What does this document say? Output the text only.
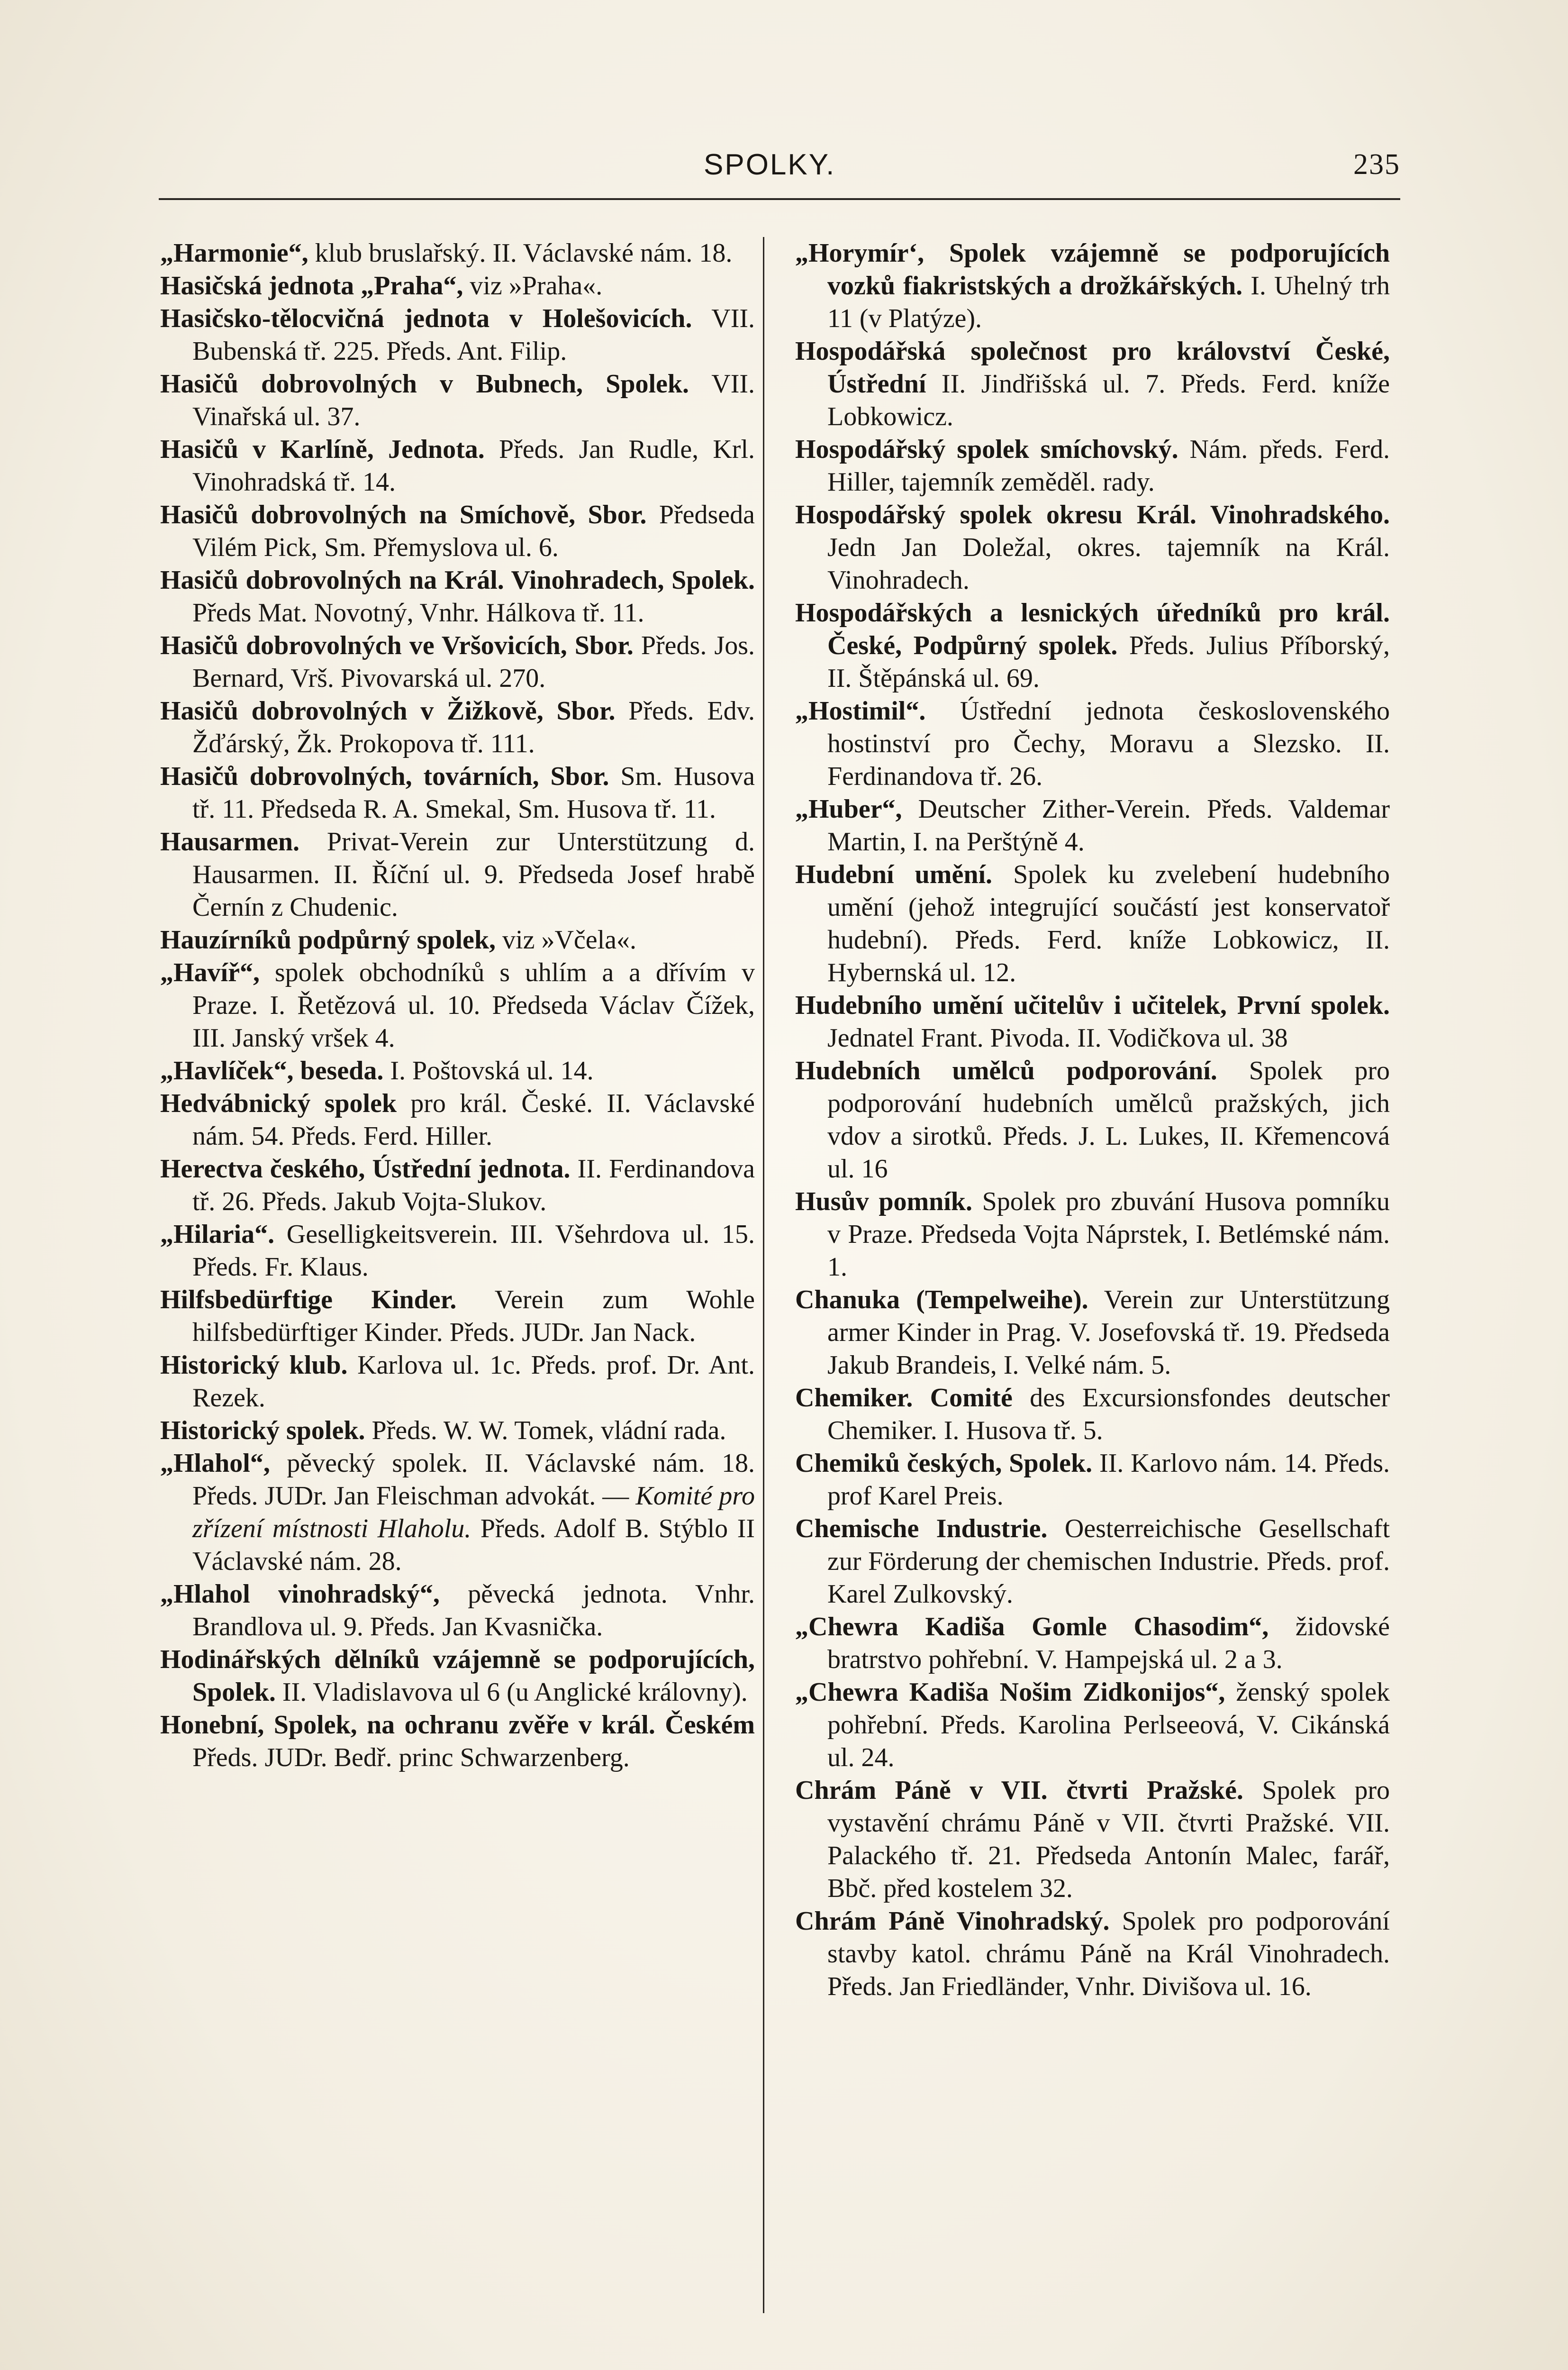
SPOLKY.	235

„Harmonie“, klub bruslařský. II. Václavské nám. 18.

Hasičská jednota „Praha“, viz »Praha«.

Hasičsko-tělocvičná jednota v Holešovicích. VII. Bubenská tř. 225. Předs. Ant. Filip.

Hasičů dobrovolných v Bubnech, Spolek. VII. Vinařská ul. 37.

Hasičů v Karlíně, Jednota. Předs. Jan Rudle, Krl. Vinohradská tř. 14.

Hasičů dobrovolných na Smíchově, Sbor. Předseda Vilém Pick, Sm. Přemyslova ul. 6.

Hasičů dobrovolných na Král. Vinohradech, Spolek. Předs Mat. Novotný, Vnhr. Hálkova tř. 11.

Hasičů dobrovolných ve Vršovicích, Sbor. Předs. Jos. Bernard, Vrš. Pivovarská ul. 270.

Hasičů dobrovolných v Žižkově, Sbor. Předs. Edv. Žďárský, Žk. Prokopova tř. 111.

Hasičů dobrovolných, továrních, Sbor. Sm. Husova tř. 11. Předseda R. A. Smekal, Sm. Husova tř. 11.

Hausarmen. Privat-Verein zur Unterstützung d. Hausarmen. II. Říční ul. 9. Předseda Josef hrabě Černín z Chudenic.

Hauzírníků podpůrný spolek, viz »Včela«.

„Havíř“, spolek obchodníků s uhlím a a dřívím v Praze. I. Řetězová ul. 10. Předseda Václav Čížek, III. Janský vršek 4.

„Havlíček“, beseda. I. Poštovská ul. 14.

Hedvábnický spolek pro král. České. II. Václavské nám. 54. Předs. Ferd. Hiller.

Herectva českého, Ústřední jednota. II. Ferdinandova tř. 26. Předs. Jakub Vojta-Slukov.

„Hilaria“. Geselligkeitsverein. III. Všehrdova ul. 15. Předs. Fr. Klaus.

Hilfsbedürftige Kinder. Verein zum Wohle hilfsbedürftiger Kinder. Předs. JUDr. Jan Nack.

Historický klub. Karlova ul. 1c. Předs. prof. Dr. Ant. Rezek.

Historický spolek. Předs. W. W. Tomek, vládní rada.

„Hlahol“, pěvecký spolek. II. Václavské nám. 18. Předs. JUDr. Jan Fleischman advokát. — Komité pro zřízení místnosti Hlaholu. Předs. Adolf B. Stýblo II Václavské nám. 28.

„Hlahol vinohradský“, pěvecká jednota. Vnhr. Brandlova ul. 9. Předs. Jan Kvasnička.

Hodinářských dělníků vzájemně se podporujících, Spolek. II. Vladislavova ul 6 (u Anglické královny).

Honební, Spolek, na ochranu zvěře v král. Českém Předs. JUDr. Bedř. princ Schwarzenberg.

„Horymír‘, Spolek vzájemně se podporujících vozků fiakristských a drožkářských. I. Uhelný trh 11 (v Platýze).

Hospodářská společnost pro království České, Ústřední II. Jindřišská ul. 7. Předs. Ferd. kníže Lobkowicz.

Hospodářský spolek smíchovský. Nám. předs. Ferd. Hiller, tajemník zeměděl. rady.

Hospodářský spolek okresu Král. Vinohradského. Jedn Jan Doležal, okres. tajemník na Král. Vinohradech.

Hospodářských a lesnických úředníků pro král. České, Podpůrný spolek. Předs. Julius Příborský, II. Štěpánská ul. 69.

„Hostimil“. Ústřední jednota československého hostinství pro Čechy, Moravu a Slezsko. II. Ferdinandova tř. 26.

„Huber“, Deutscher Zither-Verein. Předs. Valdemar Martin, I. na Perštýně 4.

Hudební umění. Spolek ku zvelebení hudebního umění (jehož integrující součástí jest konservatoř hudební). Předs. Ferd. kníže Lobkowicz, II. Hybernská ul. 12.

Hudebního umění učitelův i učitelek, První spolek. Jednatel Frant. Pivoda. II. Vodičkova ul. 38

Hudebních umělců podporování. Spolek pro podporování hudebních umělců pražských, jich vdov a sirotků. Předs. J. L. Lukes, II. Křemencová ul. 16

Husův pomník. Spolek pro zbuvání Husova pomníku v Praze. Předseda Vojta Náprstek, I. Betlémské nám. 1.

Chanuka (Tempelweihe). Verein zur Unterstützung armer Kinder in Prag. V. Josefovská tř. 19. Předseda Jakub Brandeis, I. Velké nám. 5.

Chemiker. Comité des Excursionsfondes deutscher Chemiker. I. Husova tř. 5.

Chemiků českých, Spolek. II. Karlovo nám. 14. Předs. prof Karel Preis.

Chemische Industrie. Oesterreichische Gesellschaft zur Förderung der chemischen Industrie. Předs. prof. Karel Zulkovský.

„Chewra Kadiša Gomle Chasodim“, židovské bratrstvo pohřební. V. Hampejská ul. 2 a 3.

„Chewra Kadiša Nošim Zidkonijos“, ženský spolek pohřební. Předs. Karolina Perlseeová, V. Cikánská ul. 24.

Chrám Páně v VII. čtvrti Pražské. Spolek pro vystavění chrámu Páně v VII. čtvrti Pražské. VII. Palackého tř. 21. Předseda Antonín Malec, farář, Bbč. před kostelem 32.

Chrám Páně Vinohradský. Spolek pro podporování stavby katol. chrámu Páně na Král Vinohradech. Předs. Jan Friedländer, Vnhr. Divišova ul. 16.
